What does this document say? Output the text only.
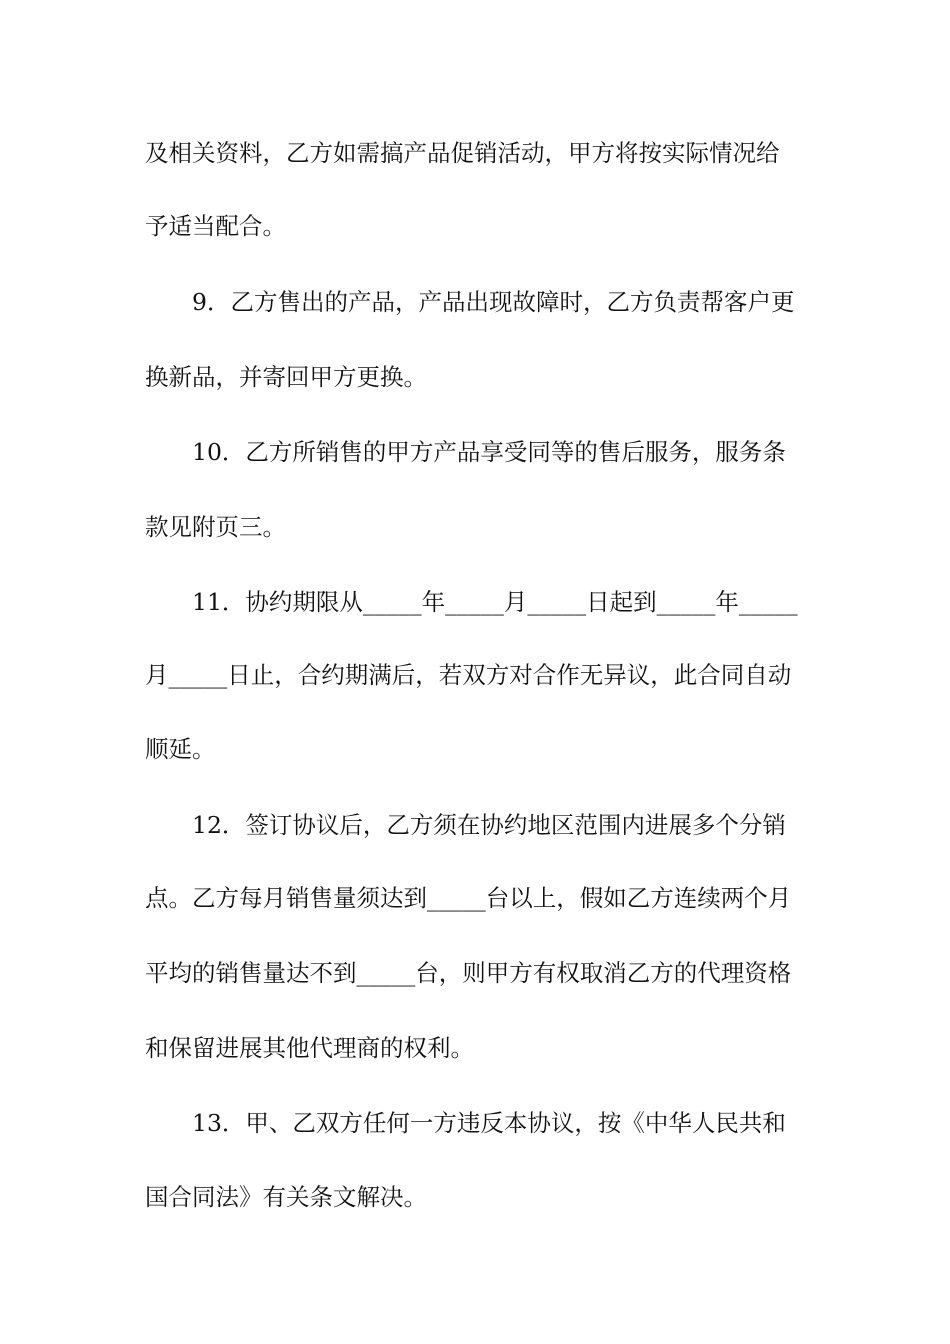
及相关资料，乙方如需搞产品促销活动，甲方将按实际情况给
予适当配合。
9．乙方售出的产品，产品出现故障时，乙方负责帮客户更
换新品，并寄回甲方更换。
10．乙方所销售的甲方产品享受同等的售后服务，服务条
款见附页三。
11．协约期限从_____年_____月_____日起到_____年_____
月_____日止，合约期满后，若双方对合作无异议，此合同自动
顺延。
12．签订协议后，乙方须在协约地区范围内进展多个分销
点。乙方每月销售量须达到_____台以上，假如乙方连续两个月
平均的销售量达不到_____台，则甲方有权取消乙方的代理资格
和保留进展其他代理商的权利。
13．甲、乙双方任何一方违反本协议，按《中华人民共和
国合同法》有关条文解决。
